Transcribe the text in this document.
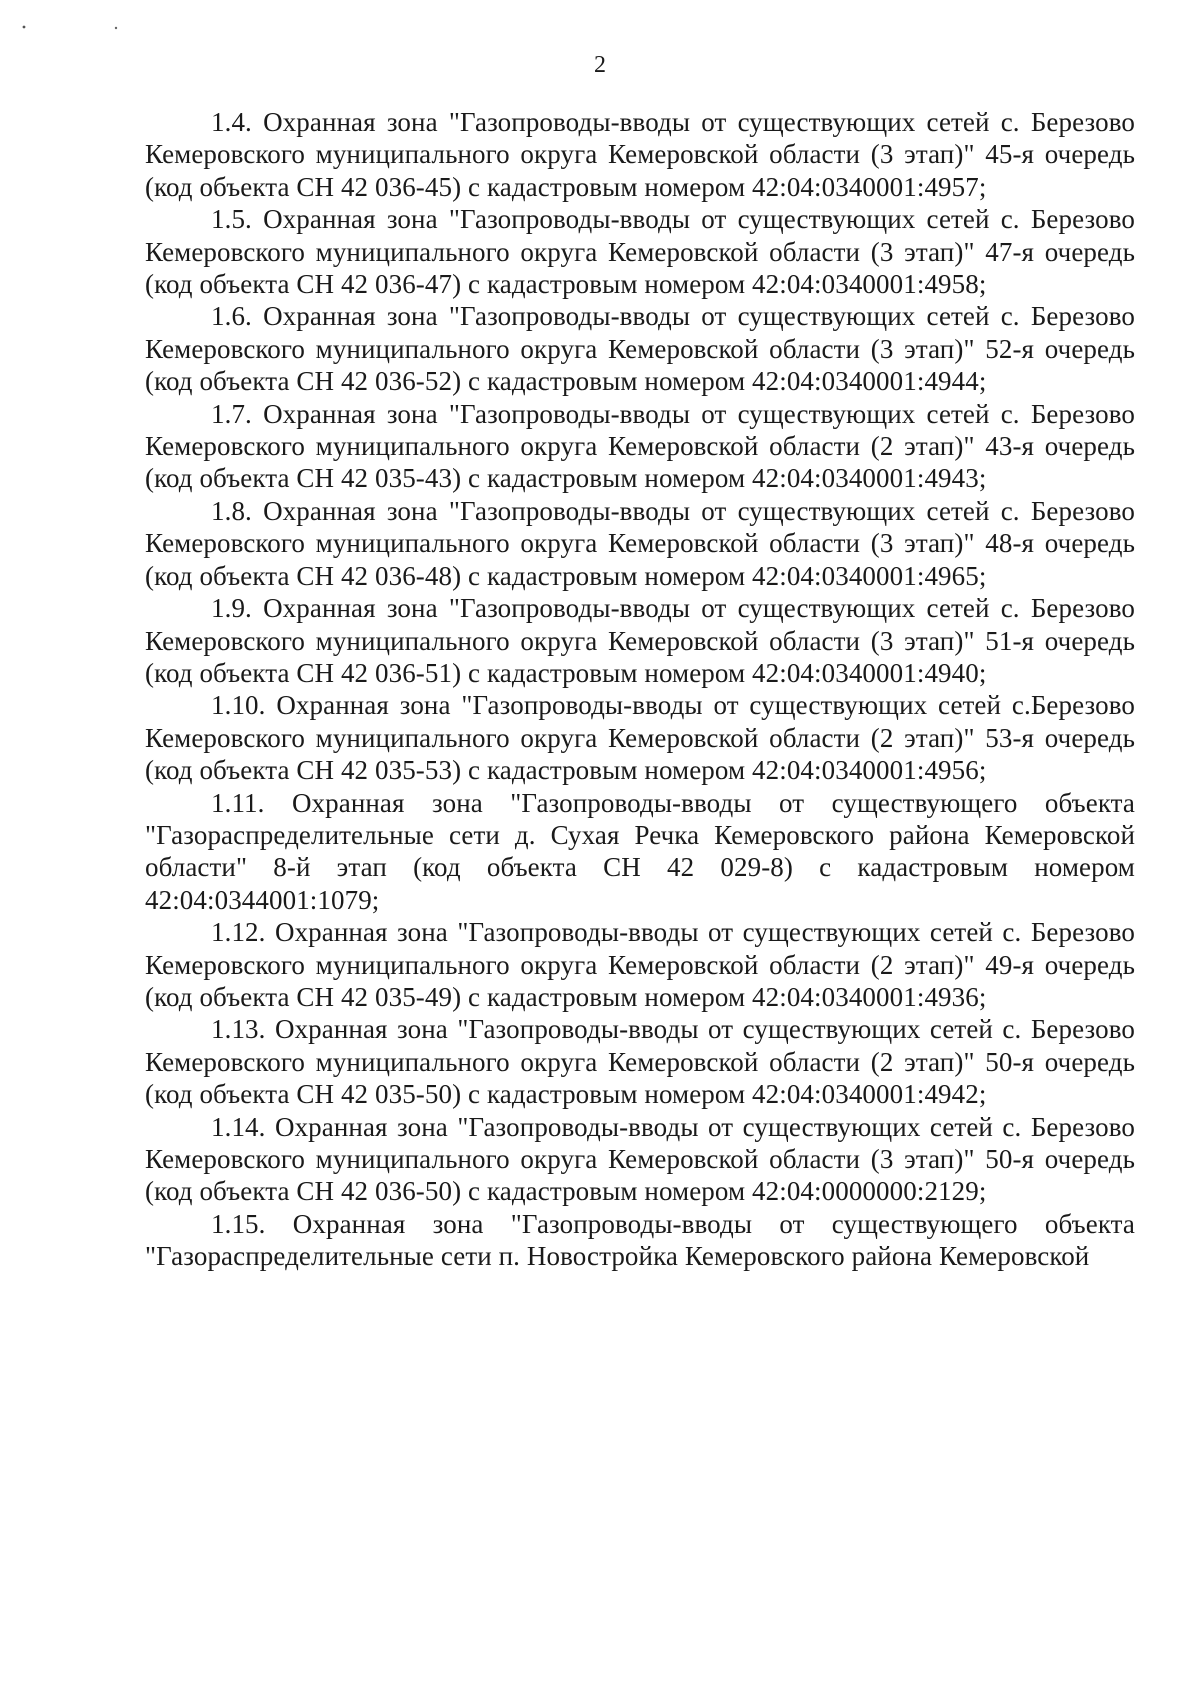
2

1.4. Охранная зона "Газопроводы-вводы от существующих сетей с. Березово Кемеровского муниципального округа Кемеровской области (3 этап)" 45-я очередь (код объекта СН 42 036-45) с кадастровым номером 42:04:0340001:4957;

1.5. Охранная зона "Газопроводы-вводы от существующих сетей с. Березово Кемеровского муниципального округа Кемеровской области (3 этап)" 47-я очередь (код объекта СН 42 036-47) с кадастровым номером 42:04:0340001:4958;

1.6. Охранная зона "Газопроводы-вводы от существующих сетей с. Березово Кемеровского муниципального округа Кемеровской области (3 этап)" 52-я очередь (код объекта СН 42 036-52) с кадастровым номером 42:04:0340001:4944;

1.7. Охранная зона "Газопроводы-вводы от существующих сетей с. Березово Кемеровского муниципального округа Кемеровской области (2 этап)" 43-я очередь (код объекта СН 42 035-43) с кадастровым номером 42:04:0340001:4943;

1.8. Охранная зона "Газопроводы-вводы от существующих сетей с. Березово Кемеровского муниципального округа Кемеровской области (3 этап)" 48-я очередь (код объекта СН 42 036-48) с кадастровым номером 42:04:0340001:4965;

1.9. Охранная зона "Газопроводы-вводы от существующих сетей с. Березово Кемеровского муниципального округа Кемеровской области (3 этап)" 51-я очередь (код объекта СН 42 036-51) с кадастровым номером 42:04:0340001:4940;

1.10. Охранная зона "Газопроводы-вводы от существующих сетей с.Березово Кемеровского муниципального округа Кемеровской области (2 этап)" 53-я очередь (код объекта СН 42 035-53) с кадастровым номером 42:04:0340001:4956;

1.11. Охранная зона "Газопроводы-вводы от существующего объекта "Газораспределительные сети д. Сухая Речка Кемеровского района Кемеровской области" 8-й этап (код объекта СН 42 029-8) с кадастровым номером 42:04:0344001:1079;

1.12. Охранная зона "Газопроводы-вводы от существующих сетей с. Березово Кемеровского муниципального округа Кемеровской области (2 этап)" 49-я очередь (код объекта СН 42 035-49) с кадастровым номером 42:04:0340001:4936;

1.13. Охранная зона "Газопроводы-вводы от существующих сетей с. Березово Кемеровского муниципального округа Кемеровской области (2 этап)" 50-я очередь (код объекта СН 42 035-50) с кадастровым номером 42:04:0340001:4942;

1.14. Охранная зона "Газопроводы-вводы от существующих сетей с. Березово Кемеровского муниципального округа Кемеровской области (3 этап)" 50-я очередь (код объекта СН 42 036-50) с кадастровым номером 42:04:0000000:2129;

1.15. Охранная зона "Газопроводы-вводы от существующего объекта "Газораспределительные сети п. Новостройка Кемеровского района Кемеровской
